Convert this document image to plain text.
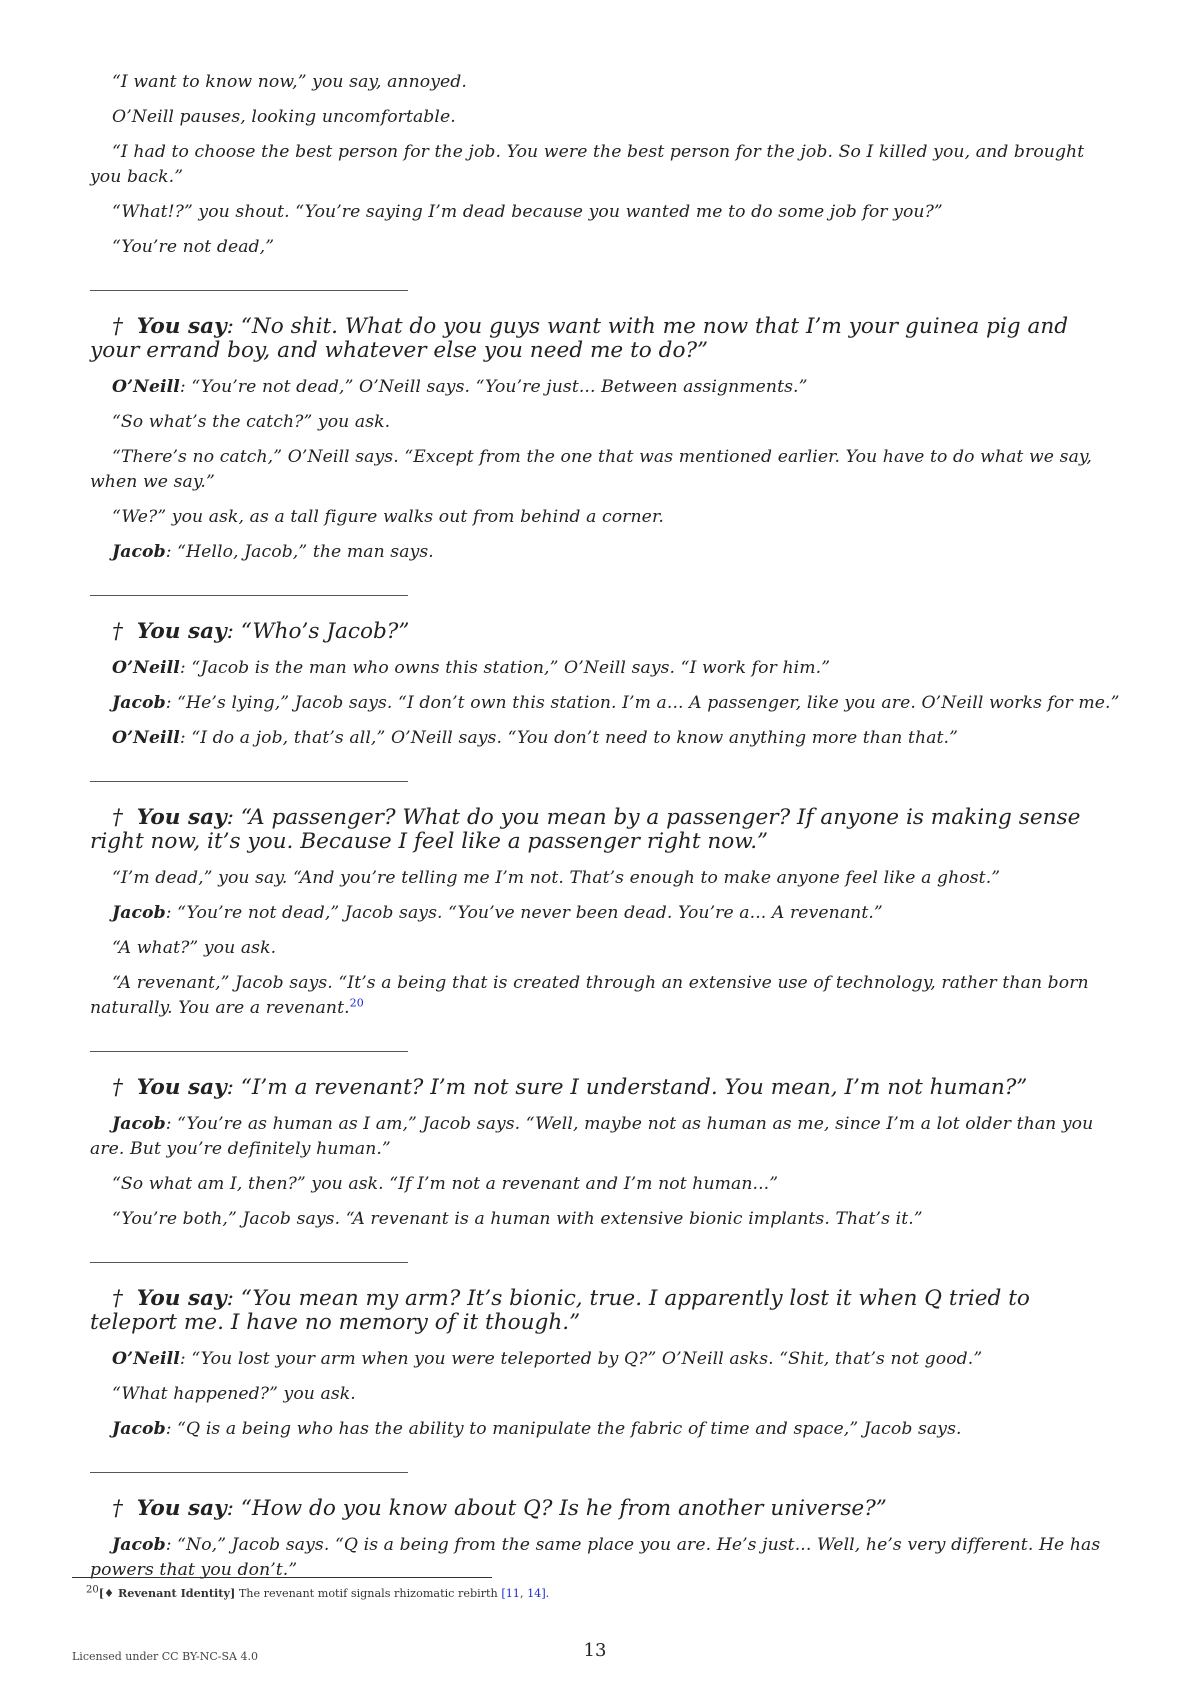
“I want to know now,” you say, annoyed.

O’Neill pauses, looking uncomfortable.

“I had to choose the best person for the job. You were the best person for the job. So I killed you, and brought you back.”

“What!?” you shout. “You’re saying I’m dead because you wanted me to do some job for you?”

“You’re not dead,”

† You say: “No shit. What do you guys want with me now that I’m your guinea pig and your errand boy, and whatever else you need me to do?”

O’Neill: “You’re not dead,” O’Neill says. “You’re just... Between assignments.”

“So what’s the catch?” you ask.

“There’s no catch,” O’Neill says. “Except from the one that was mentioned earlier. You have to do what we say, when we say.”

“We?” you ask, as a tall figure walks out from behind a corner.

Jacob: “Hello, Jacob,” the man says.

† You say: “Who’s Jacob?”

O’Neill: “Jacob is the man who owns this station,” O’Neill says. “I work for him.”

Jacob: “He’s lying,” Jacob says. “I don’t own this station. I’m a... A passenger, like you are. O’Neill works for me.”

O’Neill: “I do a job, that’s all,” O’Neill says. “You don’t need to know anything more than that.”

† You say: “A passenger? What do you mean by a passenger? If anyone is making sense right now, it’s you. Because I feel like a passenger right now.”

“I’m dead,” you say. “And you’re telling me I’m not. That’s enough to make anyone feel like a ghost.”

Jacob: “You’re not dead,” Jacob says. “You’ve never been dead. You’re a... A revenant.”

“A what?” you ask.

“A revenant,” Jacob says. “It’s a being that is created through an extensive use of technology, rather than born naturally. You are a revenant.$^{20}$

† You say: “I’m a revenant? I’m not sure I understand. You mean, I’m not human?”

Jacob: “You’re as human as I am,” Jacob says. “Well, maybe not as human as me, since I’m a lot older than you are. But you’re definitely human.”

“So what am I, then?” you ask. “If I’m not a revenant and I’m not human...”

“You’re both,” Jacob says. “A revenant is a human with extensive bionic implants. That’s it.”

† You say: “You mean my arm? It’s bionic, true. I apparently lost it when Q tried to teleport me. I have no memory of it though.”

O’Neill: “You lost your arm when you were teleported by Q?” O’Neill asks. “Shit, that’s not good.”

“What happened?” you ask.

Jacob: “Q is a being who has the ability to manipulate the fabric of time and space,” Jacob says.

† You say: “How do you know about Q? Is he from another universe?”

Jacob: “No,” Jacob says. “Q is a being from the same place you are. He’s just... Well, he’s very different. He has powers that you don’t.”

20[♦ Revenant Identity] The revenant motif signals rhizomatic rebirth [11, 14].
Licensed under CC BY-NC-SA 4.0	13
